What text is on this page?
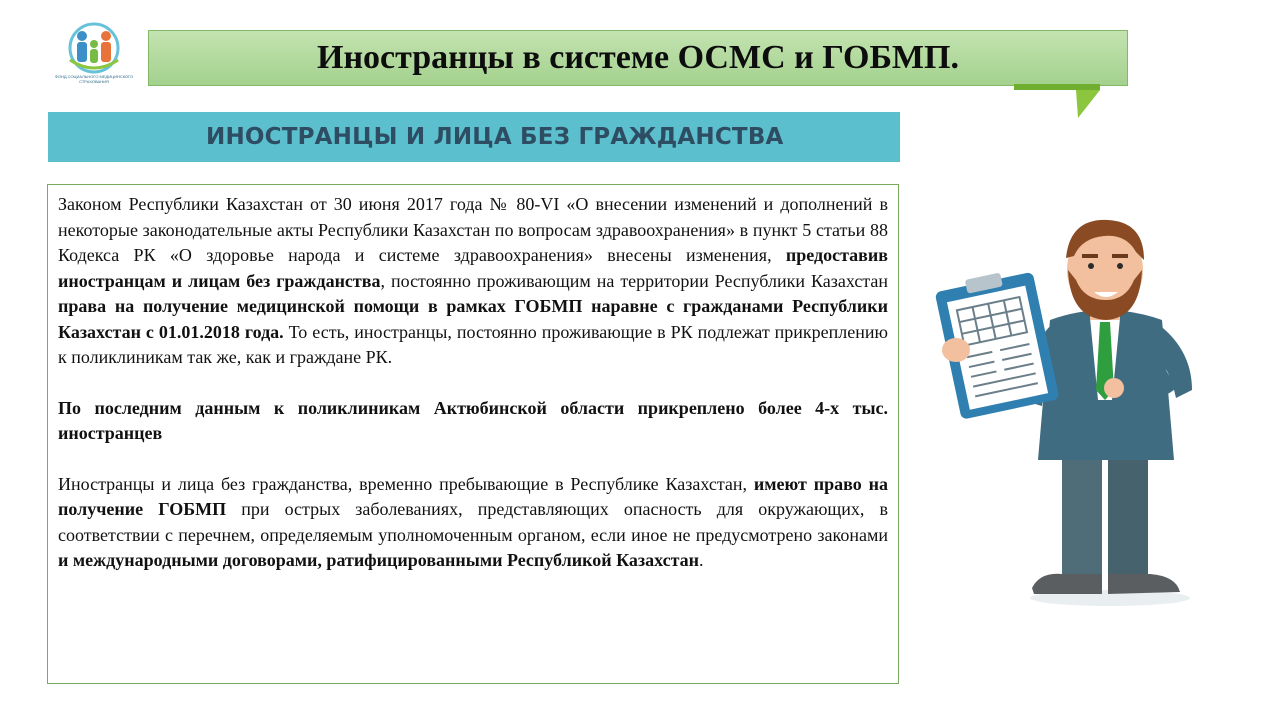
ФОНД СОЦИАЛЬНОГО МЕДИЦИНСКОГО СТРАХОВАНИЯ
Иностранцы в системе ОСМС и ГОБМП.
ИНОСТРАНЦЫ И ЛИЦА БЕЗ ГРАЖДАНСТВА

Законом Республики Казахстан от 30 июня 2017 года № 80-VI «О внесении изменений и дополнений в некоторые законодательные акты Республики Казахстан по вопросам здравоохранения» в пункт 5 статьи 88 Кодекса РК «О здоровье народа и системе здравоохранения» внесены изменения, предоставив иностранцам и лицам без гражданства, постоянно проживающим на территории Республики Казахстан права на получение медицинской помощи в рамках ГОБМП наравне с гражданами Республики Казахстан с 01.01.2018 года. То есть, иностранцы, постоянно проживающие в РК подлежат прикреплению к поликлиникам так же, как и граждане РК.

По последним данным к поликлиникам Актюбинской области прикреплено более 4-х тыс. иностранцев

Иностранцы и лица без гражданства, временно пребывающие в Республике Казахстан, имеют право на получение ГОБМП при острых заболеваниях, представляющих опасность для окружающих, в соответствии с перечнем, определяемым уполномоченным органом, если иное не предусмотрено законами и международными договорами, ратифицированными Республикой Казахстан.
